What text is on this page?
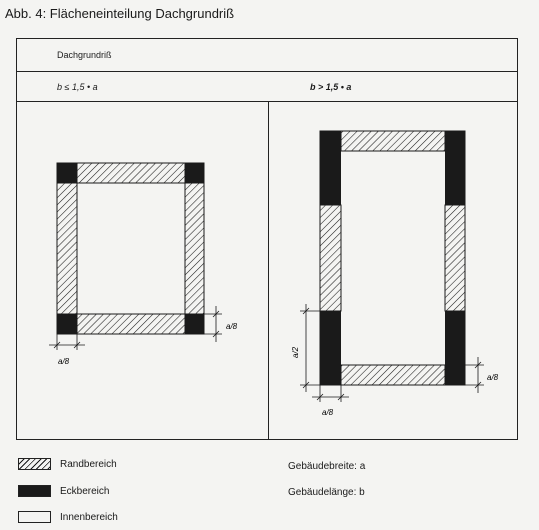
Abb. 4: Flächeneinteilung Dachgrundriß
Dachgrundriß
b ≤ 1,5 • a	b > 1,5 • a
a/8
a/8
a/8
a/8
a/2
Randbereich
Eckbereich
Innenbereich
Gebäudebreite: a
Gebäudelänge: b
